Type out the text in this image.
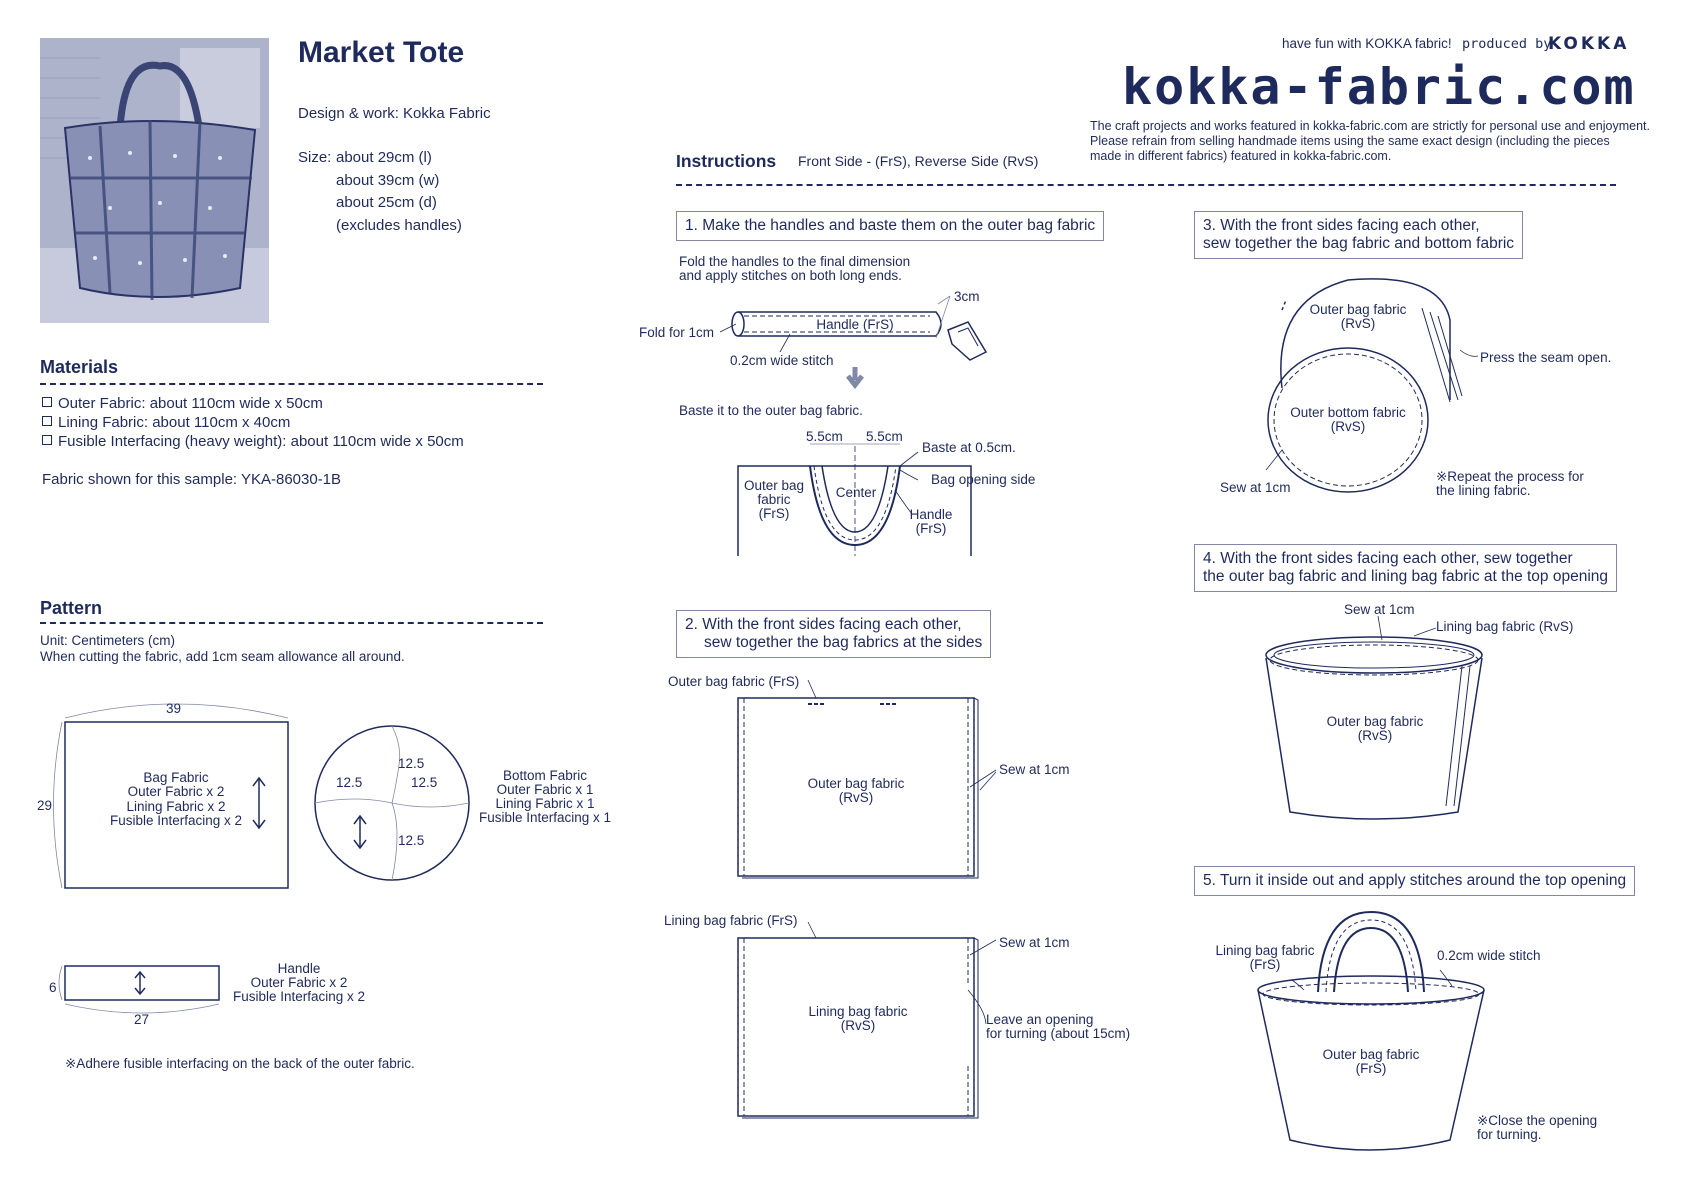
Market Tote
Design & work: Kokka Fabric
Size: about 29cm (l)
about 39cm (w)
about 25cm (d)
(excludes handles)
have fun with KOKKA fabric! produced by
KOKKA
kokka-fabric.com
The craft projects and works featured in kokka-fabric.com are strictly for personal use and enjoyment.
Please refrain from selling handmade items using the same exact design (including the pieces
made in different fabrics) featured in kokka-fabric.com.
Materials
Outer Fabric: about 110cm wide x 50cm
Lining Fabric: about 110cm x 40cm
Fusible Interfacing (heavy weight): about 110cm wide x 50cm
Fabric shown for this sample: YKA-86030-1B
Pattern
Unit: Centimeters (cm)
When cutting the fabric, add 1cm seam allowance all around.
Instructions Front Side - (FrS), Reverse Side (RvS)
1. Make the handles and baste them on the outer bag fabric
2. With the front sides facing each other,
sew together the bag fabrics at the sides
3. With the front sides facing each other,
sew together the bag fabric and bottom fabric
4. With the front sides facing each other, sew together
the outer bag fabric and lining bag fabric at the top opening
5. Turn it inside out and apply stitches around the top opening
Fold the handles to the final dimension
and apply stitches on both long ends.
Baste it to the outer bag fabric.
39
29
Bag Fabric
Outer Fabric x 2
Lining Fabric x 2
Fusible Interfacing x 2
12.5
12.5	12.5
12.5
Bottom Fabric
Outer Fabric x 1
Lining Fabric x 1
Fusible Interfacing x 1
6
27
Handle
Outer Fabric x 2
Fusible Interfacing x 2
※Adhere fusible interfacing on the back of the outer fabric.
3cm
Handle (FrS)
Fold for 1cm
0.2cm wide stitch
5.5cm 5.5cm
Baste at 0.5cm.
Bag opening side
Outer bag
fabric
(FrS)
Center
Handle
(FrS)
Outer bag fabric (FrS)
Sew at 1cm
Outer bag fabric
(RvS)
Lining bag fabric (FrS)
Sew at 1cm
Lining bag fabric
(RvS)	Leave an opening
for turning (about 15cm)
Outer bag fabric
(RvS)
Press the seam open.
Outer bottom fabric
(RvS)
Sew at 1cm
※Repeat the process for
the lining fabric.
Sew at 1cm
Lining bag fabric (RvS)
Outer bag fabric
(RvS)
Lining bag fabric
(FrS)
0.2cm wide stitch
Outer bag fabric
(FrS)
※Close the opening
for turning.
